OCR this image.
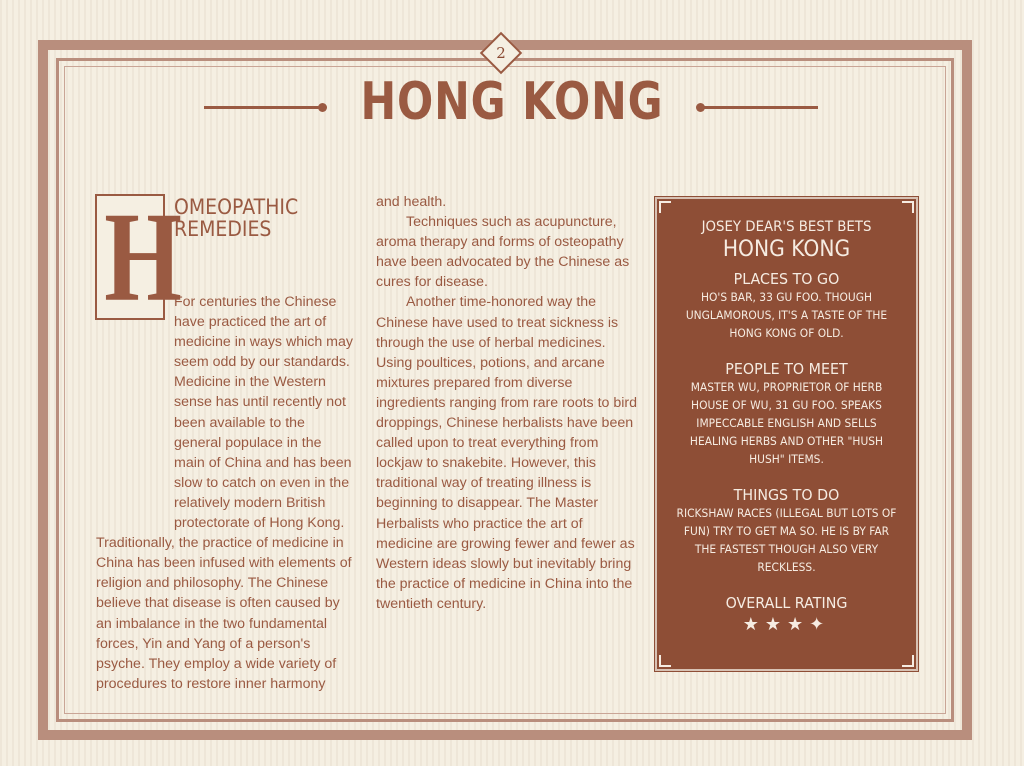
2
HONG KONG
H
OMEOPATHIC REMEDIES

For centuries the Chinese have practiced the art of medicine in ways which may seem odd by our standards. Medicine in the Western sense has until recently not been available to the general populace in the main of China and has been slow to catch on even in the relatively modern British protectorate of Hong Kong.

Traditionally, the practice of medicine in China has been infused with elements of religion and philosophy. The Chinese believe that disease is often caused by an imbalance in the two fundamental forces, Yin and Yang of a person's psyche. They employ a wide variety of procedures to restore inner harmony

and health.

Techniques such as acupuncture, aroma therapy and forms of osteopathy have been advocated by the Chinese as cures for disease.

Another time-honored way the Chinese have used to treat sickness is through the use of herbal medicines. Using poultices, potions, and arcane mixtures prepared from diverse ingredients ranging from rare roots to bird droppings, Chinese herbalists have been called upon to treat everything from lockjaw to snakebite. However, this traditional way of treating illness is beginning to disappear. The Master Herbalists who practice the art of medicine are growing fewer and fewer as Western ideas slowly but inevitably bring the practice of medicine in China into the twentieth century.

JOSEY DEAR'S BEST BETS
HONG KONG
PLACES TO GO
HO'S BAR, 33 GU FOO. THOUGH UNGLAMOROUS, IT'S A TASTE OF THE HONG KONG OF OLD.
PEOPLE TO MEET
MASTER WU, PROPRIETOR OF HERB HOUSE OF WU, 31 GU FOO. SPEAKS IMPECCABLE ENGLISH AND SELLS HEALING HERBS AND OTHER "HUSH HUSH" ITEMS.
THINGS TO DO
RICKSHAW RACES (ILLEGAL BUT LOTS OF FUN) TRY TO GET MA SO. HE IS BY FAR THE FASTEST THOUGH ALSO VERY RECKLESS.
OVERALL RATING
★★★✦
